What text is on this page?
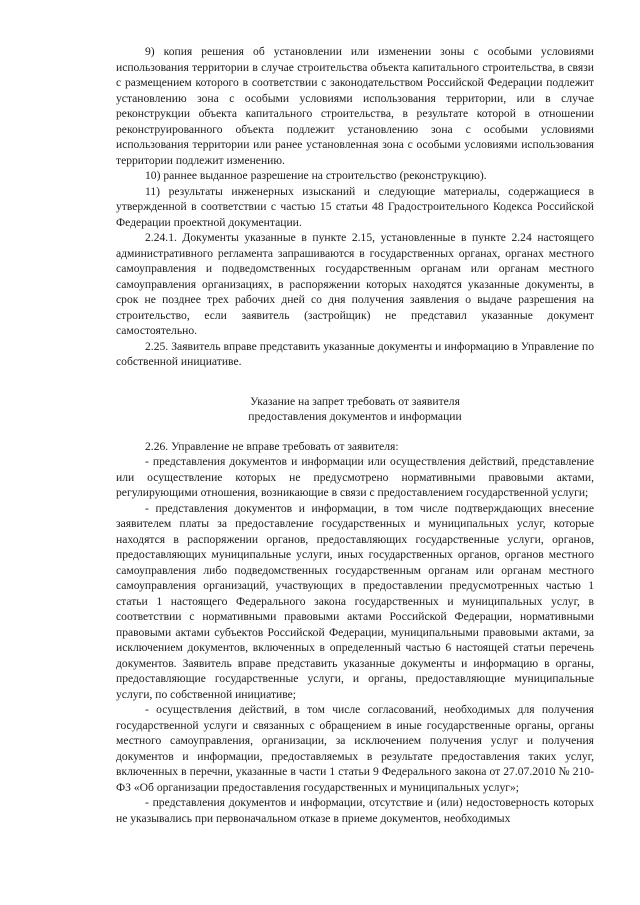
9) копия решения об установлении или изменении зоны с особыми условиями использования территории в случае строительства объекта капитального строительства, в связи с размещением которого в соответствии с законодательством Российской Федерации подлежит установлению зона с особыми условиями использования территории, или в случае реконструкции объекта капитального строительства, в результате которой в отношении реконструированного объекта подлежит установлению зона с особыми условиями использования территории или ранее установленная зона с особыми условиями использования территории подлежит изменению.

10) раннее выданное разрешение на строительство (реконструкцию).

11) результаты инженерных изысканий и следующие материалы, содержащиеся в утвержденной в соответствии с частью 15 статьи 48 Градостроительного Кодекса Российской Федерации проектной документации.

2.24.1. Документы указанные в пункте 2.15, установленные в пункте 2.24 настоящего административного регламента запрашиваются в государственных органах, органах местного самоуправления и подведомственных государственным органам или органам местного самоуправления организациях, в распоряжении которых находятся указанные документы, в срок не позднее трех рабочих дней со дня получения заявления о выдаче разрешения на строительство, если заявитель (застройщик) не представил указанные документ самостоятельно.

2.25. Заявитель вправе представить указанные документы и информацию в Управление по собственной инициативе.

Указание на запрет требовать от заявителя

предоставления документов и информации

2.26. Управление не вправе требовать от заявителя:

- представления документов и информации или осуществления действий, представление или осуществление которых не предусмотрено нормативными правовыми актами, регулирующими отношения, возникающие в связи с предоставлением государственной услуги;

- представления документов и информации, в том числе подтверждающих внесение заявителем платы за предоставление государственных и муниципальных услуг, которые находятся в распоряжении органов, предоставляющих государственные услуги, органов, предоставляющих муниципальные услуги, иных государственных органов, органов местного самоуправления либо подведомственных государственным органам или органам местного самоуправления организаций, участвующих в предоставлении предусмотренных частью 1 статьи 1 настоящего Федерального закона государственных и муниципальных услуг, в соответствии с нормативными правовыми актами Российской Федерации, нормативными правовыми актами субъектов Российской Федерации, муниципальными правовыми актами, за исключением документов, включенных в определенный частью 6 настоящей статьи перечень документов. Заявитель вправе представить указанные документы и информацию в органы, предоставляющие государственные услуги, и органы, предоставляющие муниципальные услуги, по собственной инициативе;

- осуществления действий, в том числе согласований, необходимых для получения государственной услуги и связанных с обращением в иные государственные органы, органы местного самоуправления, организации, за исключением получения услуг и получения документов и информации, предоставляемых в результате предоставления таких услуг, включенных в перечни, указанные в части 1 статьи 9 Федерального закона от 27.07.2010 № 210-ФЗ «Об организации предоставления государственных и муниципальных услуг»;

- представления документов и информации, отсутствие и (или) недостоверность которых не указывались при первоначальном отказе в приеме документов, необходимых
